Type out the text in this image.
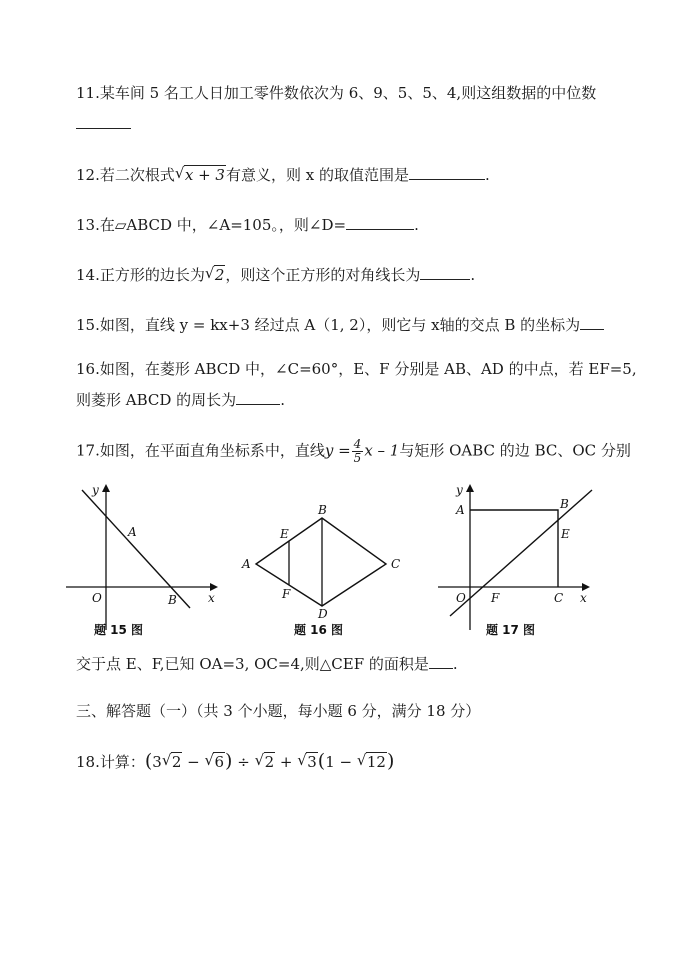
11.某车间 5 名工人日加工零件数依次为 6、9、5、5、4,则这组数据的中位数
12.若二次根式 √ x + 3有意义，则 x 的取值范围是	.
13.在▱ABCD 中，∠A=105。，则∠D=	.
14.正方形的边长为 √ 2，则这个正方形的对角线长为	.
15.如图，直线 y = kx+3 经过点 A（1, 2），则它与 x轴的交点 B 的坐标为
16.如图，在菱形 ABCD 中，∠C=60°，E、F 分别是 AB、AD 的中点，若 EF=5,
则菱形 ABCD 的周长为	.
17.如图，在平面直角坐标系中，直线$y = \frac{4}{5}$ x – 1与矩形 OABC 的边 BC、OC 分别
y
x
O
A
B
题 15 图
A
B
C
D
E
F
题 16 图
y
x
O
A	B
C
E
F
题 17 图
交于点 E、F,已知 OA=3, OC=4,则△CEF 的面积是 .
三、解答题（一）（共 3 个小题，每小题 6 分，满分 18 分）
18.计算：(3 √ 2 − √ 6) ÷ √ 2 + √ 3(1 − √ 12)
